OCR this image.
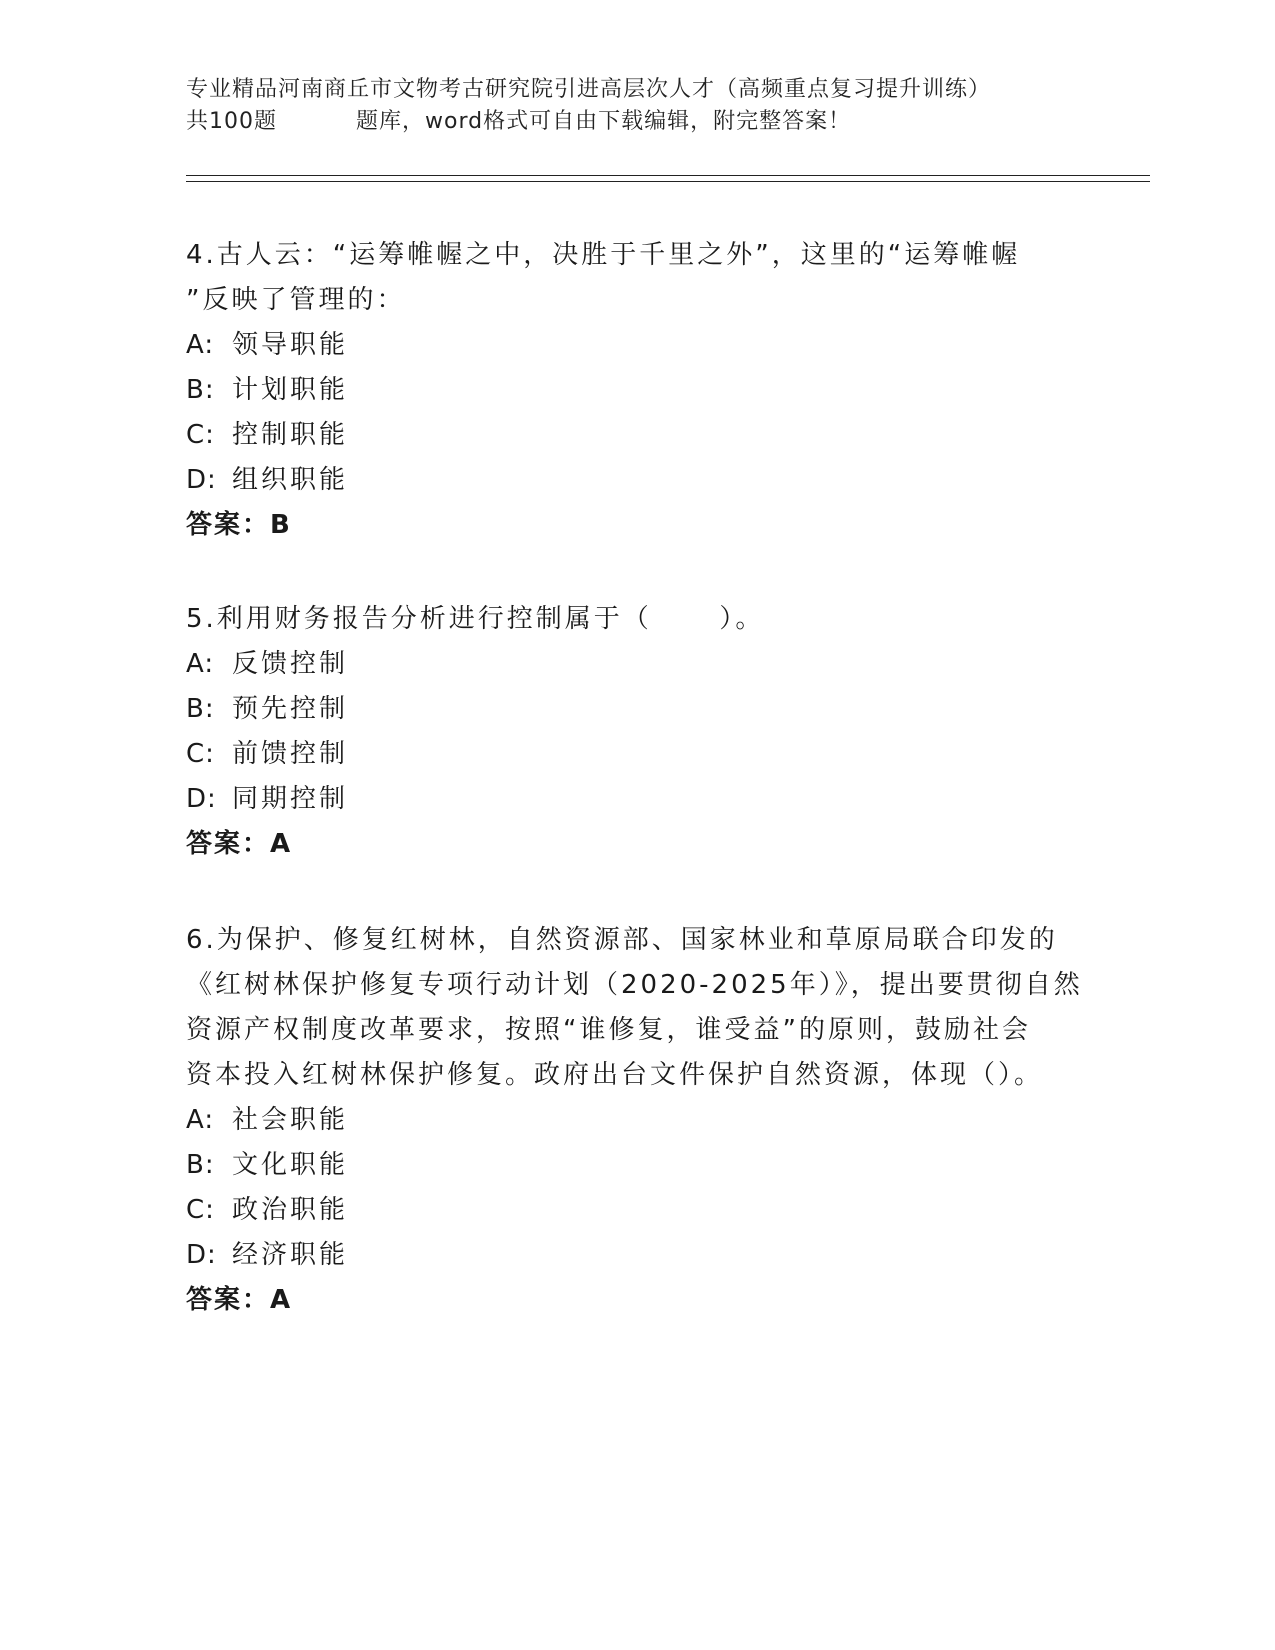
专业精品河南商丘市文物考古研究院引进高层次人才（高频重点复习提升训练）
共100题	题库，word格式可自由下载编辑，附完整答案！

4.古人云：“运筹帷幄之中，决胜于千里之外”，这里的“运筹帷幄

”反映了管理的：

A: 领导职能
B: 计划职能
C: 控制职能
D: 组织职能

答案：B

5.利用财务报告分析进行控制属于（      ）。

A: 反馈控制
B: 预先控制
C: 前馈控制
D: 同期控制

答案：A

6.为保护、修复红树林，自然资源部、国家林业和草原局联合印发的

《红树林保护修复专项行动计划（2020-2025年）》，提出要贯彻自然

资源产权制度改革要求，按照“谁修复，谁受益”的原则，鼓励社会

资本投入红树林保护修复。政府出台文件保护自然资源，体现（）。

A: 社会职能
B: 文化职能
C: 政治职能
D: 经济职能

答案：A
